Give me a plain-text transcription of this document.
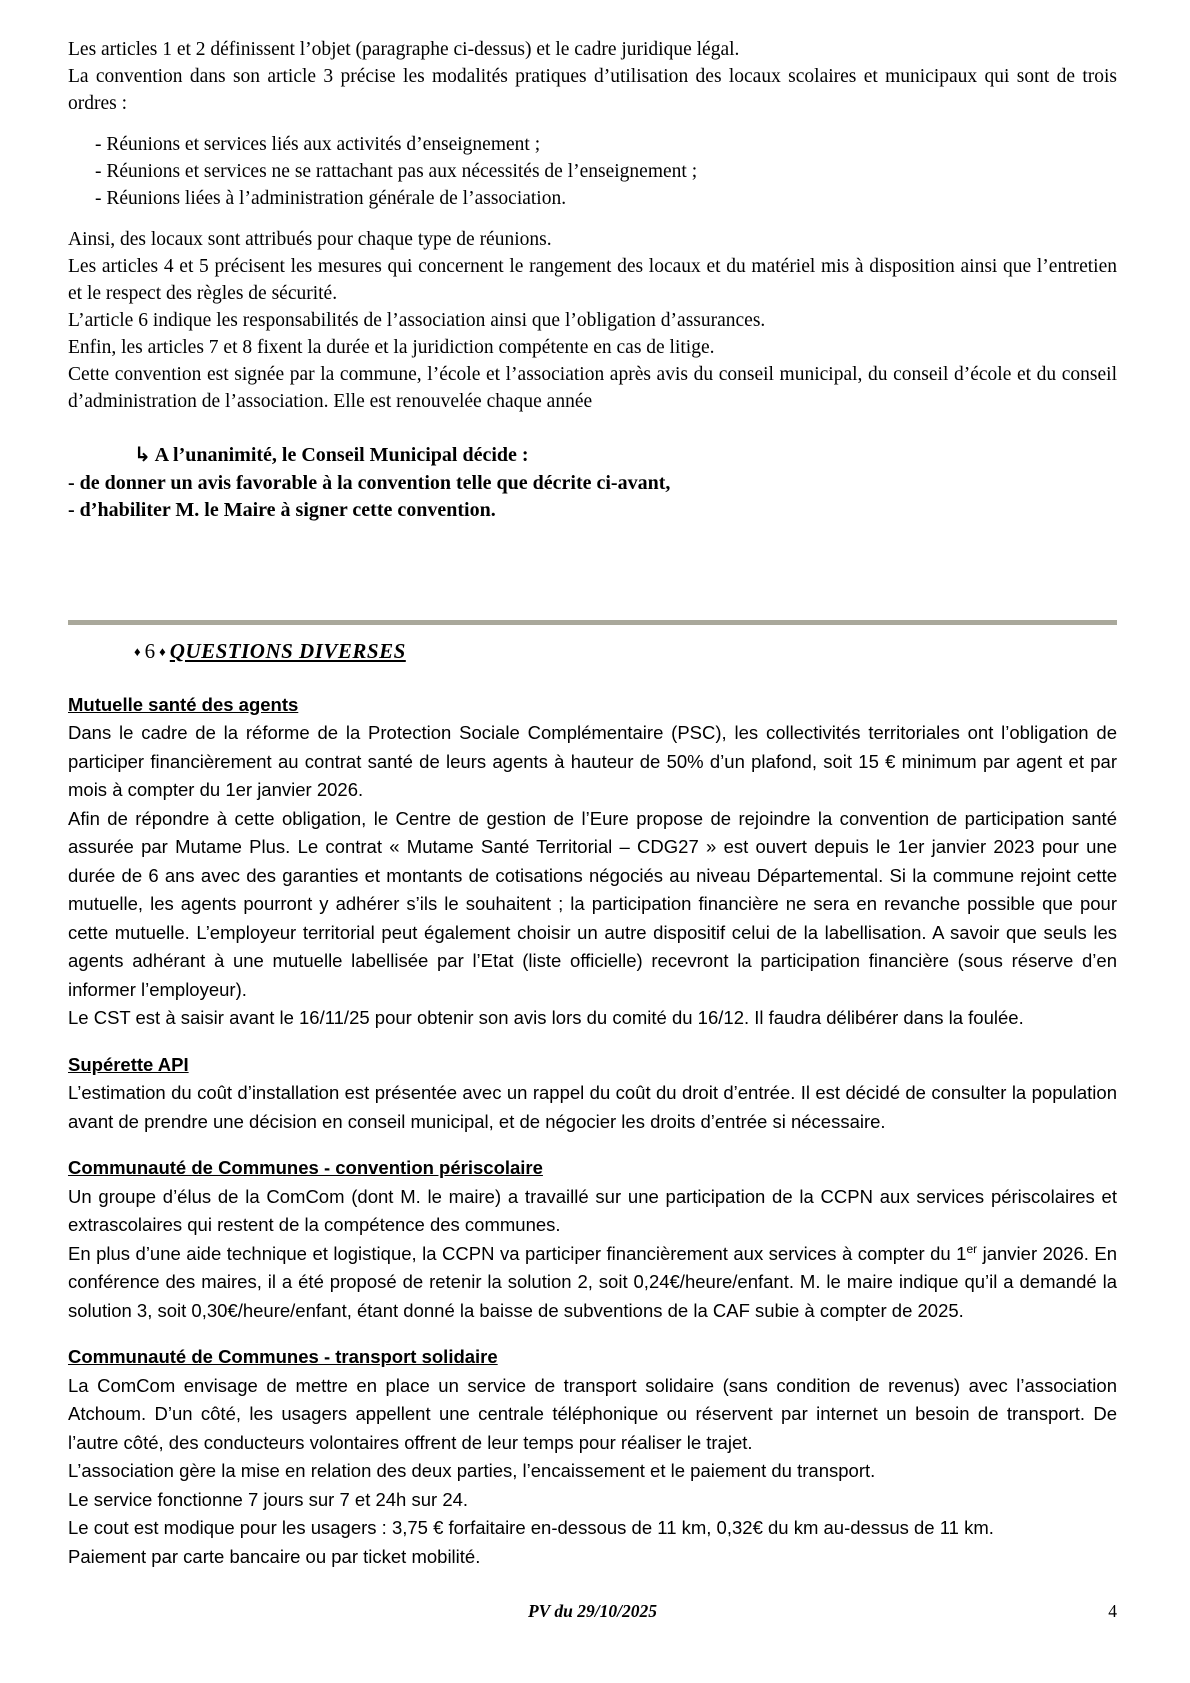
Les articles 1 et 2 définissent l’objet (paragraphe ci-dessus) et le cadre juridique légal.

La convention dans son article 3 précise les modalités pratiques d’utilisation des locaux scolaires et municipaux qui sont de trois ordres :

- Réunions et services liés aux activités d’enseignement ;

- Réunions et services ne se rattachant pas aux nécessités de l’enseignement ;

- Réunions liées à l’administration générale de l’association.

Ainsi, des locaux sont attribués pour chaque type de réunions.

Les articles 4 et 5 précisent les mesures qui concernent le rangement des locaux et du matériel mis à disposition ainsi que l’entretien et le respect des règles de sécurité.

L’article 6 indique les responsabilités de l’association ainsi que l’obligation d’assurances.

Enfin, les articles 7 et 8 fixent la durée et la juridiction compétente en cas de litige.

Cette convention est signée par la commune, l’école et l’association après avis du conseil municipal, du conseil d’école et du conseil d’administration de l’association. Elle est renouvelée chaque année

↳ A l’unanimité, le Conseil Municipal décide :

- de donner un avis favorable à la convention telle que décrite ci-avant,

- d’habiliter M. le Maire à signer cette convention.

♦ 6 ♦ QUESTIONS DIVERSES

Mutuelle santé des agents

Dans le cadre de la réforme de la Protection Sociale Complémentaire (PSC), les collectivités territoriales ont l’obligation de participer financièrement au contrat santé de leurs agents à hauteur de 50% d’un plafond, soit 15 € minimum par agent et par mois à compter du 1er janvier 2026.

Afin de répondre à cette obligation, le Centre de gestion de l’Eure propose de rejoindre la convention de participation santé assurée par Mutame Plus. Le contrat « Mutame Santé Territorial – CDG27 » est ouvert depuis le 1er janvier 2023 pour une durée de 6 ans avec des garanties et montants de cotisations négociés au niveau Départemental. Si la commune rejoint cette mutuelle, les agents pourront y adhérer s’ils le souhaitent ; la participation financière ne sera en revanche possible que pour cette mutuelle. L’employeur territorial peut également choisir un autre dispositif celui de la labellisation. A savoir que seuls les agents adhérant à une mutuelle labellisée par l’Etat (liste officielle) recevront la participation financière (sous réserve d’en informer l’employeur).

Le CST est à saisir avant le 16/11/25 pour obtenir son avis lors du comité du 16/12. Il faudra délibérer dans la foulée.

Supérette API

L’estimation du coût d’installation est présentée avec un rappel du coût du droit d’entrée. Il est décidé de consulter la population avant de prendre une décision en conseil municipal, et de négocier les droits d’entrée si nécessaire.

Communauté de Communes - convention périscolaire

Un groupe d’élus de la ComCom (dont M. le maire) a travaillé sur une participation de la CCPN aux services périscolaires et extrascolaires qui restent de la compétence des communes.

En plus d’une aide technique et logistique, la CCPN va participer financièrement aux services à compter du 1er janvier 2026. En conférence des maires, il a été proposé de retenir la solution 2, soit 0,24€/heure/enfant. M. le maire indique qu’il a demandé la solution 3, soit 0,30€/heure/enfant, étant donné la baisse de subventions de la CAF subie à compter de 2025.

Communauté de Communes - transport solidaire

La ComCom envisage de mettre en place un service de transport solidaire (sans condition de revenus) avec l’association Atchoum. D’un côté, les usagers appellent une centrale téléphonique ou réservent par internet un besoin de transport. De l’autre côté, des conducteurs volontaires offrent de leur temps pour réaliser le trajet.

L’association gère la mise en relation des deux parties, l’encaissement et le paiement du transport.

Le service fonctionne 7 jours sur 7 et 24h sur 24.

Le cout est modique pour les usagers : 3,75 € forfaitaire en-dessous de 11 km, 0,32€ du km au-dessus de 11 km.

Paiement par carte bancaire ou par ticket mobilité.

PV du 29/10/2025	4
